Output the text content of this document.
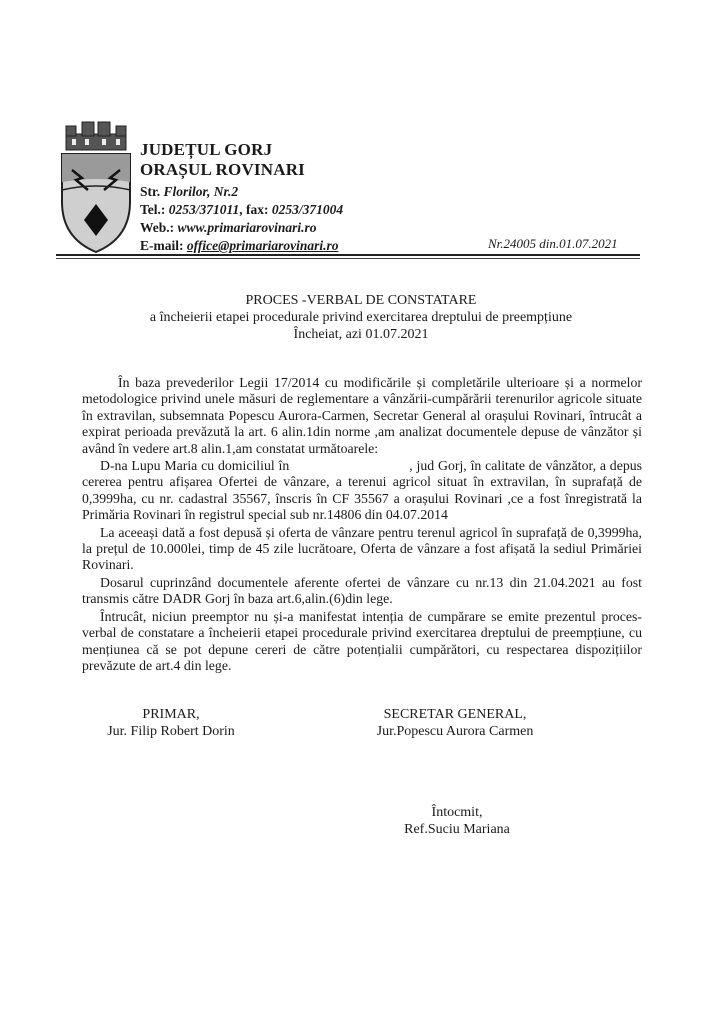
JUDEȚUL GORJ
ORAȘUL ROVINARI
Str. Florilor, Nr.2
Tel.: 0253/371011, fax: 0253/371004
Web.: www.primariarovinari.ro
E-mail: office@primariarovinari.ro	Nr.24005 din.01.07.2021
PROCES -VERBAL DE CONSTATARE
a încheierii etapei procedurale privind exercitarea dreptului de preempțiune
Încheiat, azi 01.07.2021

În baza prevederilor Legii 17/2014 cu modificările și completările ulterioare și a normelor metodologice privind unele măsuri de reglementare a vânzării-cumpărării terenurilor agricole situate în extravilan, subsemnata Popescu Aurora-Carmen, Secretar General al orașului Rovinari, întrucât a expirat perioada prevăzută la art. 6 alin.1din norme ,am analizat documentele depuse de vânzător și având în vedere art.8 alin.1,am constatat următoarele:

D-na Lupu Maria cu domiciliul în	, jud Gorj, în calitate de vânzător, a depus cererea pentru afișarea Ofertei de vânzare, a terenui agricol situat în extravilan, în suprafață de 0,3999ha, cu nr. cadastral 35567, înscris în CF 35567 a orașului Rovinari ,ce a fost înregistrată la Primăria Rovinari în registrul special sub nr.14806 din 04.07.2014

La aceeași dată a fost depusă și oferta de vânzare pentru terenul agricol în suprafață de 0,3999ha, la prețul de 10.000lei, timp de 45 zile lucrătoare, Oferta de vânzare a fost afișată la sediul Primăriei Rovinari.

Dosarul cuprinzând documentele aferente ofertei de vânzare cu nr.13 din 21.04.2021 au fost transmis către DADR Gorj în baza art.6,alin.(6)din lege.

Întrucât, niciun preemptor nu și-a manifestat intenția de cumpărare se emite prezentul proces-verbal de constatare a încheierii etapei procedurale privind exercitarea dreptului de preempțiune, cu mențiunea că se pot depune cereri de către potențialii cumpărători, cu respectarea dispozițiilor prevăzute de art.4 din lege.

PRIMAR,
Jur. Filip Robert Dorin
SECRETAR GENERAL,
Jur.Popescu Aurora Carmen
Întocmit,
Ref.Suciu Mariana
